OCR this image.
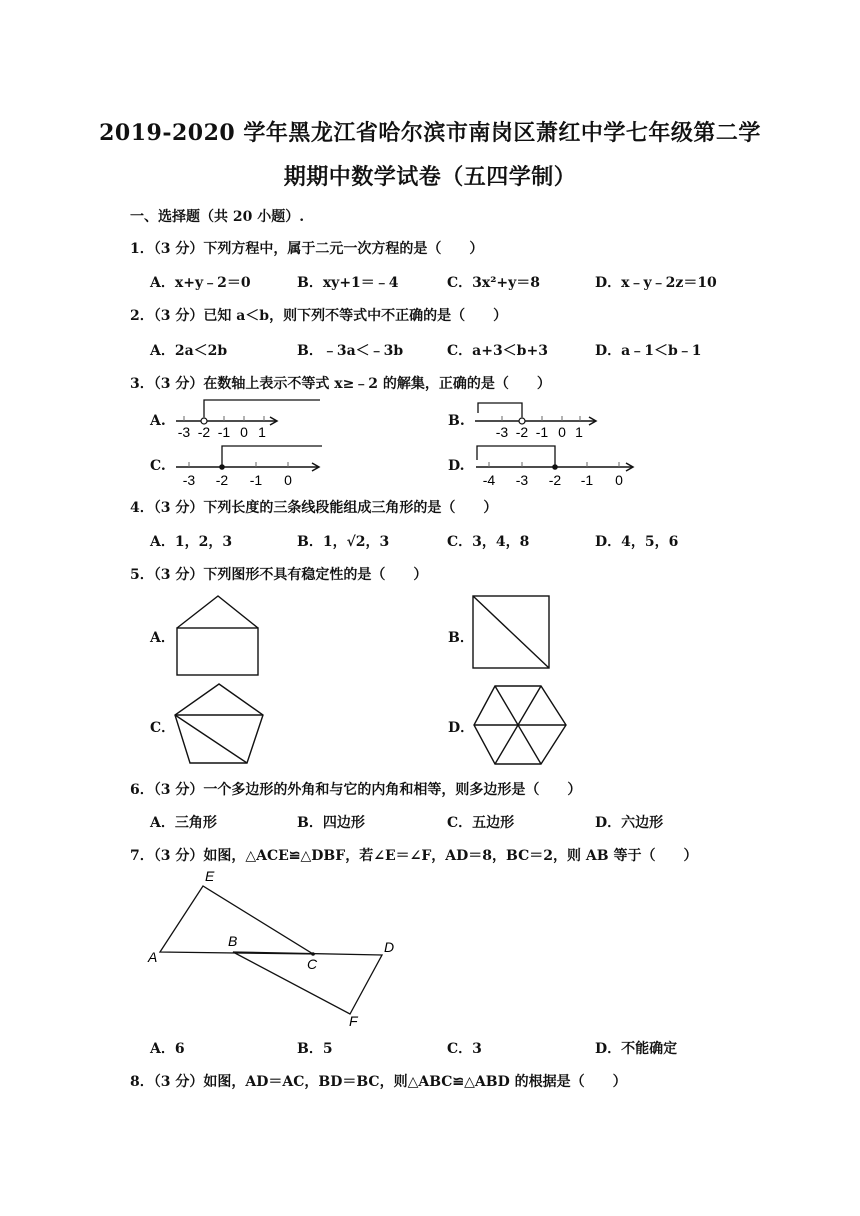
2019-2020 学年黑龙江省哈尔滨市南岗区萧红中学七年级第二学
期期中数学试卷（五四学制）
一、选择题（共 20 小题）.
1．（3 分）下列方程中，属于二元一次方程的是（　　）
A．x+y﹣2＝0	B．xy+1＝﹣4	C．3x²+y＝8	D．x﹣y﹣2z＝10
2．（3 分）已知 a＜b，则下列不等式中不正确的是（　　）
A．2a＜2b	B．﹣3a＜﹣3b	C．a+3＜b+3	D．a﹣1＜b﹣1
3．（3 分）在数轴上表示不等式 x≥﹣2 的解集，正确的是（　　）
A.
-3 -2 -1 0 1	-3 -2 -1 0 1
-3 -2 -1 0	-4 -3 -2 -1 0
B.
C.	D.
4．（3 分）下列长度的三条线段能组成三角形的是（　　）
A．1，2，3	B．1，√2，3	C．3，4，8	D．4，5，6
5．（3 分）下列图形不具有稳定性的是（　　）
A．	B．
C．	D．
6．（3 分）一个多边形的外角和与它的内角和相等，则多边形是（　　）
A．三角形	B．四边形	C．五边形	D．六边形
7．（3 分）如图，△ACE≌△DBF，若∠E＝∠F，AD＝8，BC＝2，则 AB 等于（　　）
E
A
B
C
D
F
A．6	B．5	C．3	D．不能确定
8．（3 分）如图，AD＝AC，BD＝BC，则△ABC≌△ABD 的根据是（　　）
